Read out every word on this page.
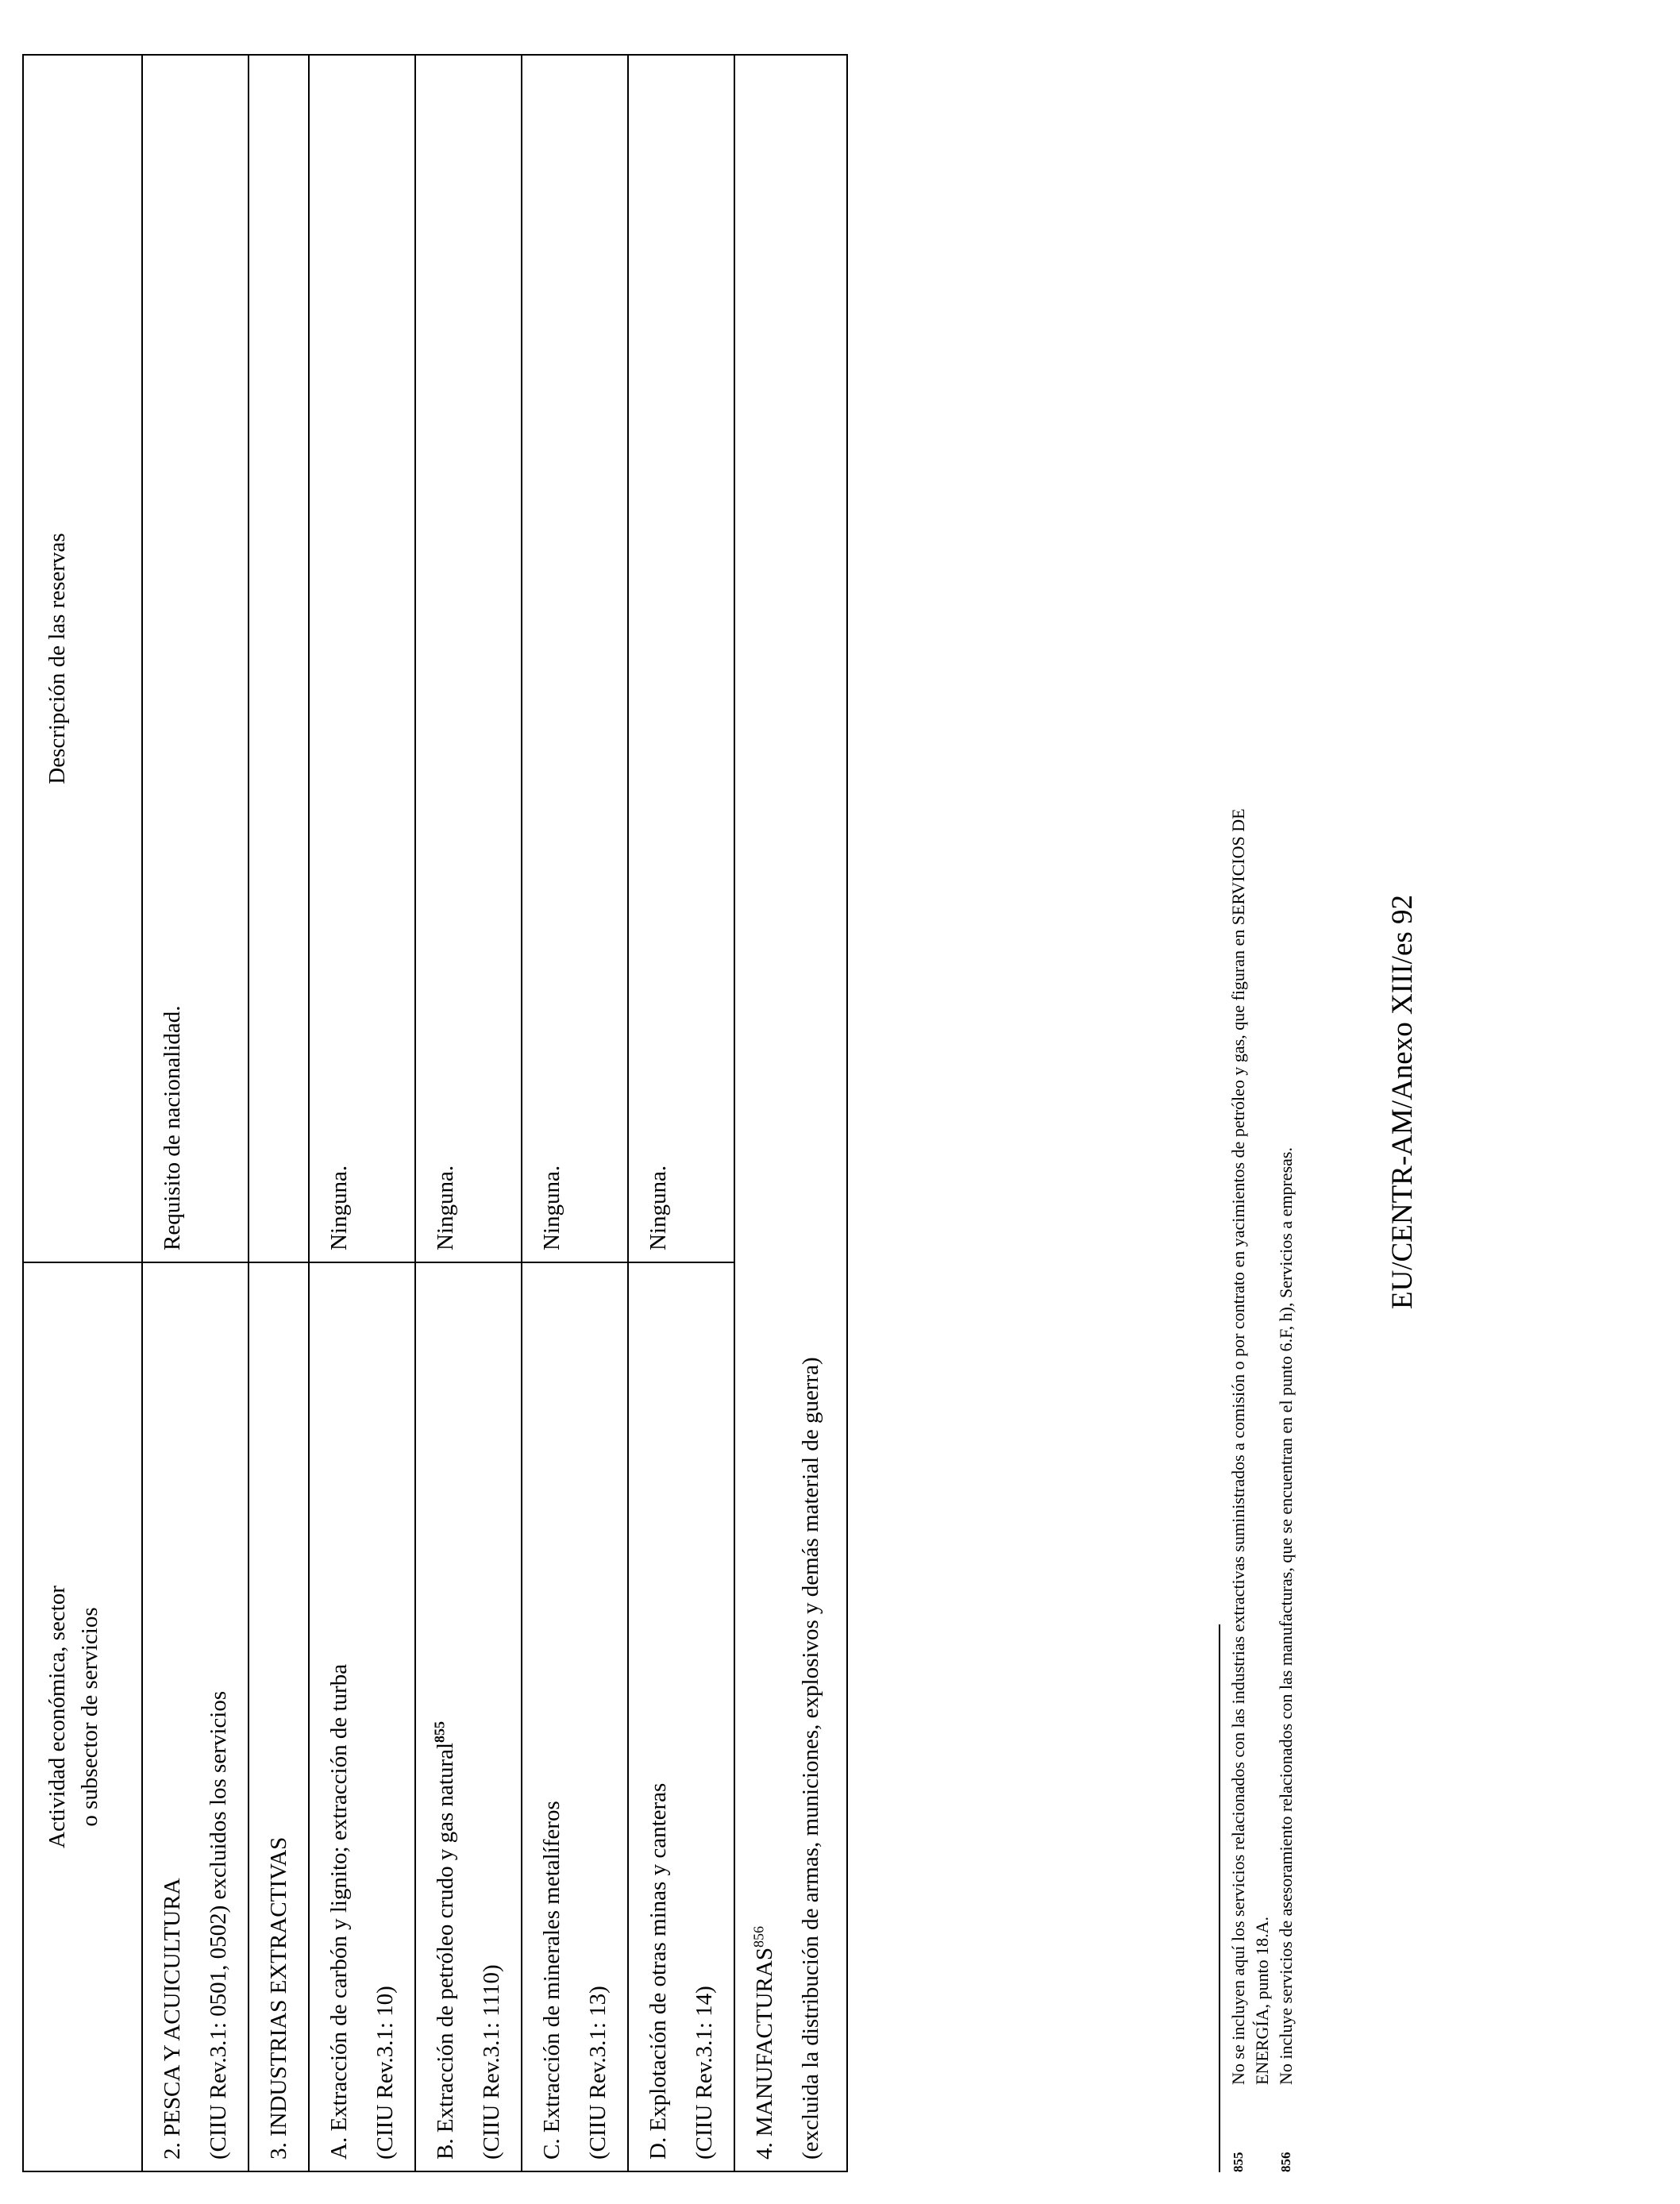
Actividad económica, sector o subsector de servicios	Descripción de las reservas

2. PESCA Y ACUICULTURA (CIIU Rev.3.1: 0501, 0502) excluidos los servicios	Requisito de nacionalidad.
3. INDUSTRIAS EXTRACTIVAS	

A. Extracción de carbón y lignito; extracción de turba (CIIU Rev.3.1: 10)	Ninguna.

B. Extracción de petróleo crudo y gas natural$^{855}$
(CIIU Rev.3.1: 1110)	Ninguna.

C. Extracción de minerales metalíferos (CIIU Rev.3.1: 13)	Ninguna.

D. Explotación de otras minas y canteras (CIIU Rev.3.1: 14)	Ninguna.

4. MANUFACTURAS$^{856}$ (excluida la distribución de armas, municiones, explosivos y demás material de guerra)	
855
No se incluyen aquí los servicios relacionados con las industrias extractivas suministrados a comisión o por contrato en yacimientos de petróleo y gas, que figuran en SERVICIOS DE ENERGÍA, punto 18.A.
856
No incluye servicios de asesoramiento relacionados con las manufacturas, que se encuentran en el punto 6.F, h), Servicios a empresas.
EU/CENTR-AM/Anexo XIII/es 92
